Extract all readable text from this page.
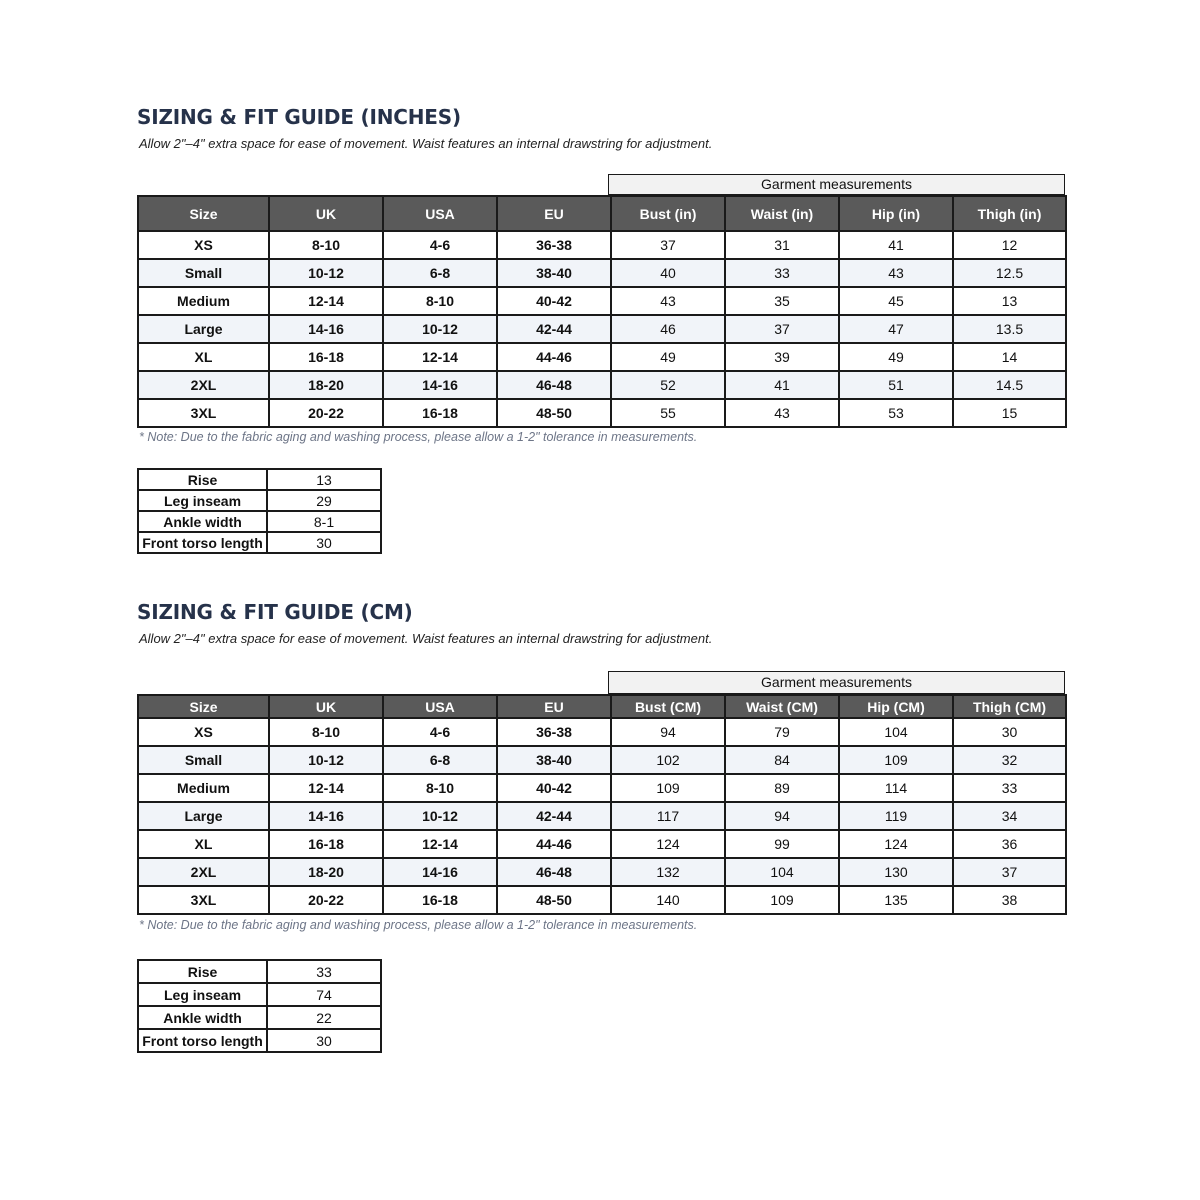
SIZING & FIT GUIDE (INCHES)
Allow 2"–4" extra space for ease of movement. Waist features an internal drawstring for adjustment.
Garment measurements
Size	UK	USA	EU	Bust (in)	Waist (in)	Hip (in)	Thigh (in)
XS	8-10	4-6	36-38	37	31	41	12
Small	10-12	6-8	38-40	40	33	43	12.5
Medium	12-14	8-10	40-42	43	35	45	13
Large	14-16	10-12	42-44	46	37	47	13.5
XL	16-18	12-14	44-46	49	39	49	14
2XL	18-20	14-16	46-48	52	41	51	14.5
3XL	20-22	16-18	48-50	55	43	53	15
* Note: Due to the fabric aging and washing process, please allow a 1-2" tolerance in measurements.
Rise	13
Leg inseam	29
Ankle width	8-1
Front torso length	30
SIZING & FIT GUIDE (CM)
Allow 2"–4" extra space for ease of movement. Waist features an internal drawstring for adjustment.
Garment measurements
Size	UK	USA	EU	Bust (CM)	Waist (CM)	Hip (CM)	Thigh (CM)
XS	8-10	4-6	36-38	94	79	104	30
Small	10-12	6-8	38-40	102	84	109	32
Medium	12-14	8-10	40-42	109	89	114	33
Large	14-16	10-12	42-44	117	94	119	34
XL	16-18	12-14	44-46	124	99	124	36
2XL	18-20	14-16	46-48	132	104	130	37
3XL	20-22	16-18	48-50	140	109	135	38
* Note: Due to the fabric aging and washing process, please allow a 1-2" tolerance in measurements.
Rise	33
Leg inseam	74
Ankle width	22
Front torso length	30
